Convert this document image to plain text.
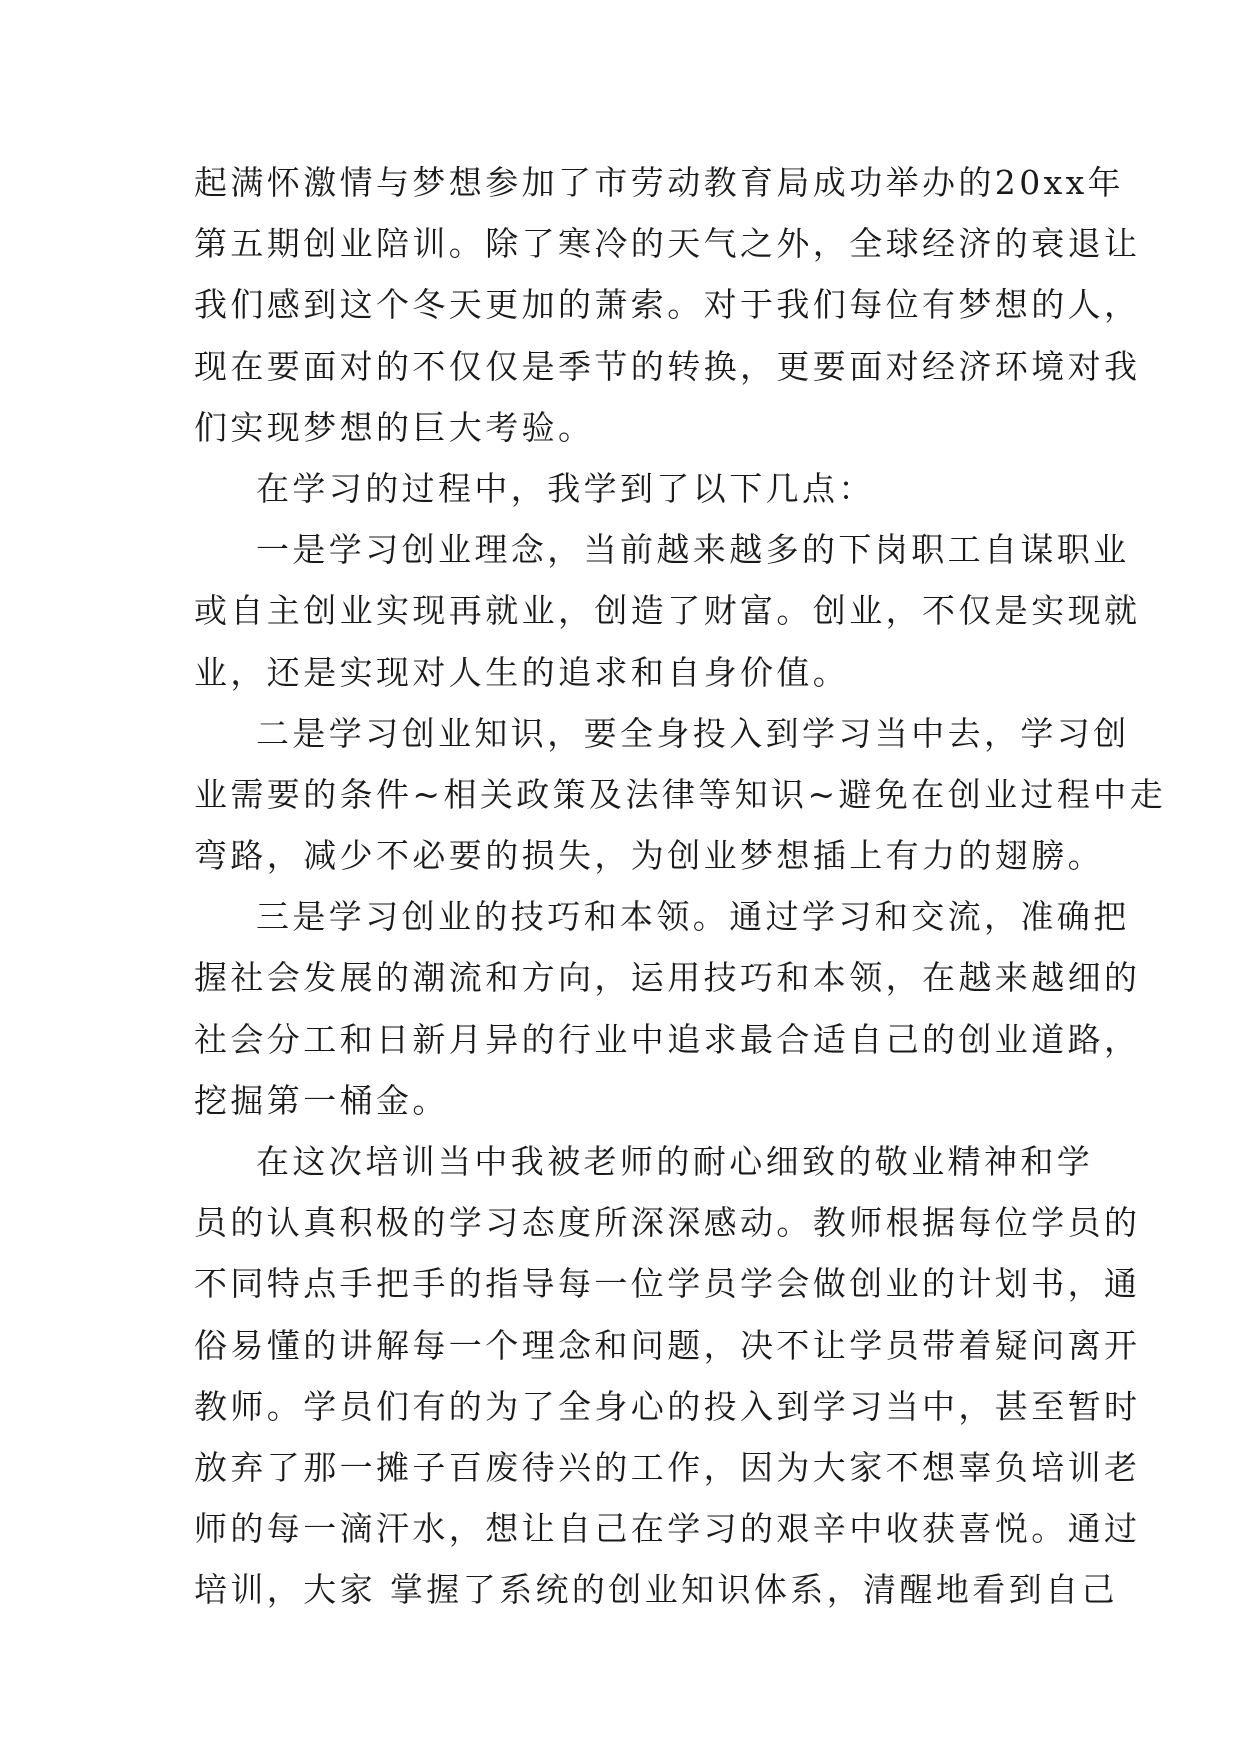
起满怀激情与梦想参加了市劳动教育局成功举办的20xx年
第五期创业陪训。除了寒冷的天气之外，全球经济的衰退让
我们感到这个冬天更加的萧索。对于我们每位有梦想的人，
现在要面对的不仅仅是季节的转换，更要面对经济环境对我
们实现梦想的巨大考验。
在学习的过程中，我学到了以下几点：
一是学习创业理念，当前越来越多的下岗职工自谋职业
或自主创业实现再就业，创造了财富。创业，不仅是实现就
业，还是实现对人生的追求和自身价值。
二是学习创业知识，要全身投入到学习当中去，学习创
业需要的条件~相关政策及法律等知识~避免在创业过程中走
弯路，减少不必要的损失，为创业梦想插上有力的翅膀。
三是学习创业的技巧和本领。通过学习和交流，准确把
握社会发展的潮流和方向，运用技巧和本领，在越来越细的
社会分工和日新月异的行业中追求最合适自己的创业道路，
挖掘第一桶金。
在这次培训当中我被老师的耐心细致的敬业精神和学
员的认真积极的学习态度所深深感动。教师根据每位学员的
不同特点手把手的指导每一位学员学会做创业的计划书，通
俗易懂的讲解每一个理念和问题，决不让学员带着疑问离开
教师。学员们有的为了全身心的投入到学习当中，甚至暂时
放弃了那一摊子百废待兴的工作，因为大家不想辜负培训老
师的每一滴汗水，想让自己在学习的艰辛中收获喜悦。通过
培训，大家 掌握了系统的创业知识体系，清醒地看到自己
